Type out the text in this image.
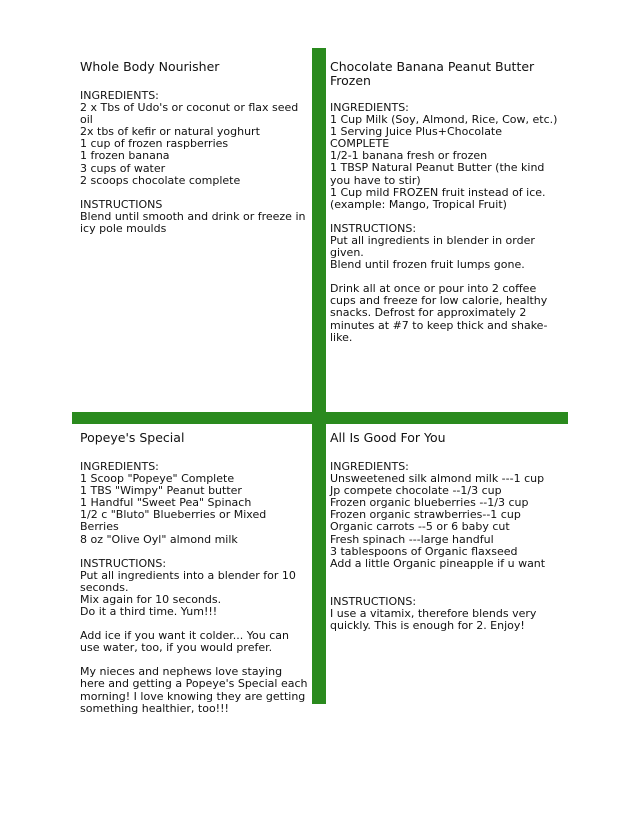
Whole Body Nourisher
INGREDIENTS:
2 x Tbs of Udo's or coconut or flax seed oil
2x tbs of kefir or natural yoghurt
1 cup of frozen raspberries
1 frozen banana
3 cups of water
2 scoops chocolate complete
INSTRUCTIONS
Blend until smooth and drink or freeze in icy pole moulds
Chocolate Banana Peanut Butter Frozen
INGREDIENTS:
1 Cup Milk (Soy, Almond, Rice, Cow, etc.)
1 Serving Juice Plus+Chocolate COMPLETE
1/2-1 banana fresh or frozen
1 TBSP Natural Peanut Butter (the kind you have to stir)
1 Cup mild FROZEN fruit instead of ice. (example: Mango, Tropical Fruit)
INSTRUCTIONS:
Put all ingredients in blender in order given.
Blend until frozen fruit lumps gone.
Drink all at once or pour into 2 coffee cups and freeze for low calorie, healthy snacks. Defrost for approximately 2 minutes at #7 to keep thick and shake-like.
Popeye's Special
INGREDIENTS:
1 Scoop "Popeye" Complete
1 TBS "Wimpy" Peanut butter
1 Handful "Sweet Pea" Spinach
1/2 c "Bluto" Blueberries or Mixed Berries
8 oz "Olive Oyl" almond milk
INSTRUCTIONS:
Put all ingredients into a blender for 10 seconds.
Mix again for 10 seconds.
Do it a third time. Yum!!!
Add ice if you want it colder... You can use water, too, if you would prefer.
My nieces and nephews love staying here and getting a Popeye's Special each morning! I love knowing they are getting something healthier, too!!!
All Is Good For You
INGREDIENTS:
Unsweetened silk almond milk ---1 cup
Jp compete chocolate --1/3 cup
Frozen organic blueberries --1/3 cup
Frozen organic strawberries--1 cup
Organic carrots --5 or 6 baby cut
Fresh spinach ---large handful
3 tablespoons of Organic flaxseed
Add a little Organic pineapple if u want
INSTRUCTIONS:
I use a vitamix, therefore blends very quickly. This is enough for 2. Enjoy!
